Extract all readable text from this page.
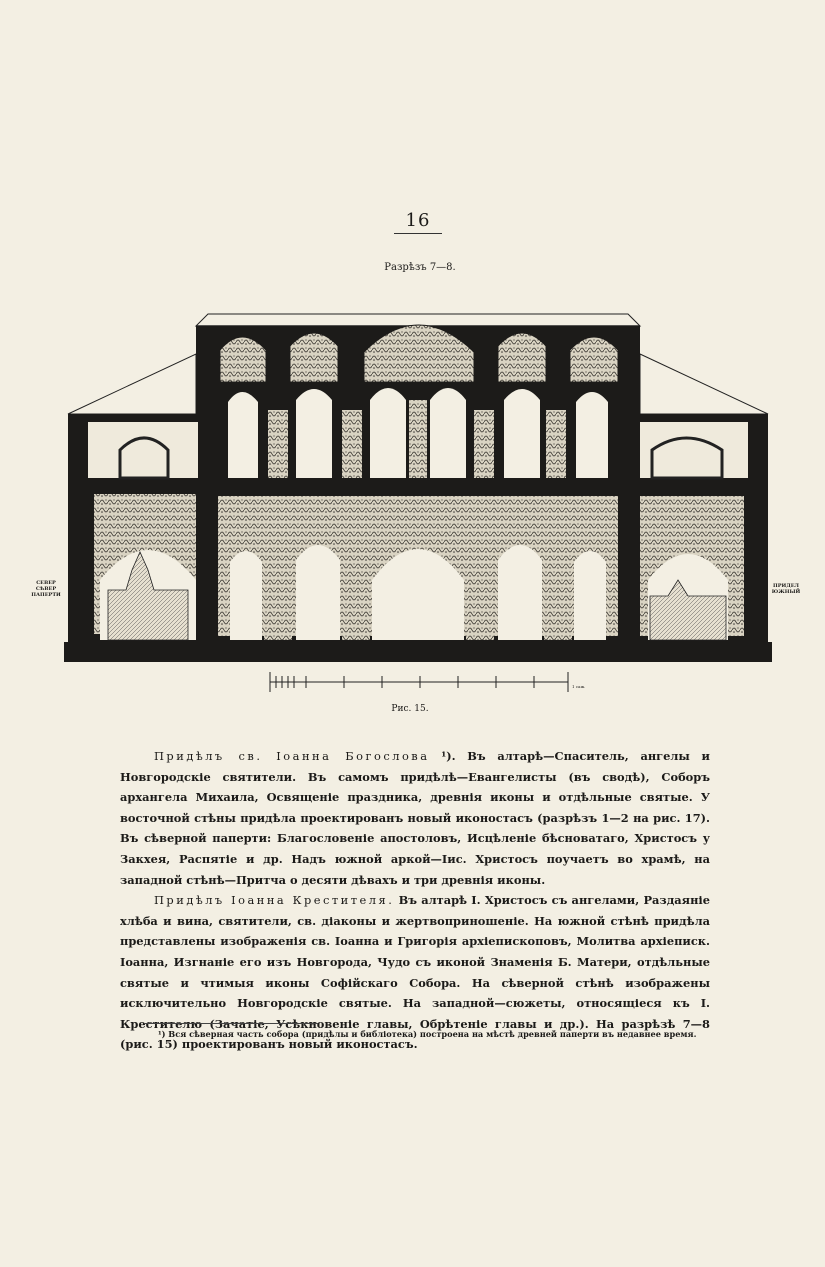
16
Разрѣзъ 7—8.
СЕВЕР СѢВЕР ПАПЕРТИ
ПРИДЕЛ ЮЖНЫЙ
1 саж.
Рис. 15.

Придѣлъ св. Іоанна Богослова ¹). Въ алтарѣ—Спаситель, ангелы и Новгородскіе святители. Въ самомъ придѣлѣ—Евангелисты (въ сводѣ), Соборъ архангела Михаила, Освященіе праздника, древнія иконы и отдѣльные святые. У восточной стѣны придѣла проектированъ новый иконостасъ (разрѣзъ 1—2 на рис. 17). Въ сѣверной паперти: Благословеніе апостоловъ, Исцѣленіе бѣсноватаго, Христосъ у Закхея, Распятіе и др. Надъ южной аркой—Іис. Христосъ поучаетъ во храмѣ, на западной стѣнѣ—Притча о десяти дѣвахъ и три древнія иконы.

Придѣлъ Іоанна Крестителя. Въ алтарѣ І. Христосъ съ ангелами, Раздаяніе хлѣба и вина, святители, св. діаконы и жертвоприношеніе. На южной стѣнѣ придѣла представлены изображенія св. Іоанна и Григорія архіепископовъ, Молитва архіеписк. Іоанна, Изгнаніе его изъ Новгорода, Чудо съ иконой Знаменія Б. Матери, отдѣльные святые и чтимыя иконы Софійскаго Собора. На сѣверной стѣнѣ изображены исключительно Новгородскіе святые. На западной—сюжеты, относящіеся къ І. Крестителю (Зачатіе, Усѣкновеніе главы, Обрѣтеніе главы и др.). На разрѣзѣ 7—8 (рис. 15) проектированъ новый иконостасъ.

¹) Вся сѣверная часть собора (придѣлы и библіотека) построена на мѣстѣ древней паперти въ недавнее время.
